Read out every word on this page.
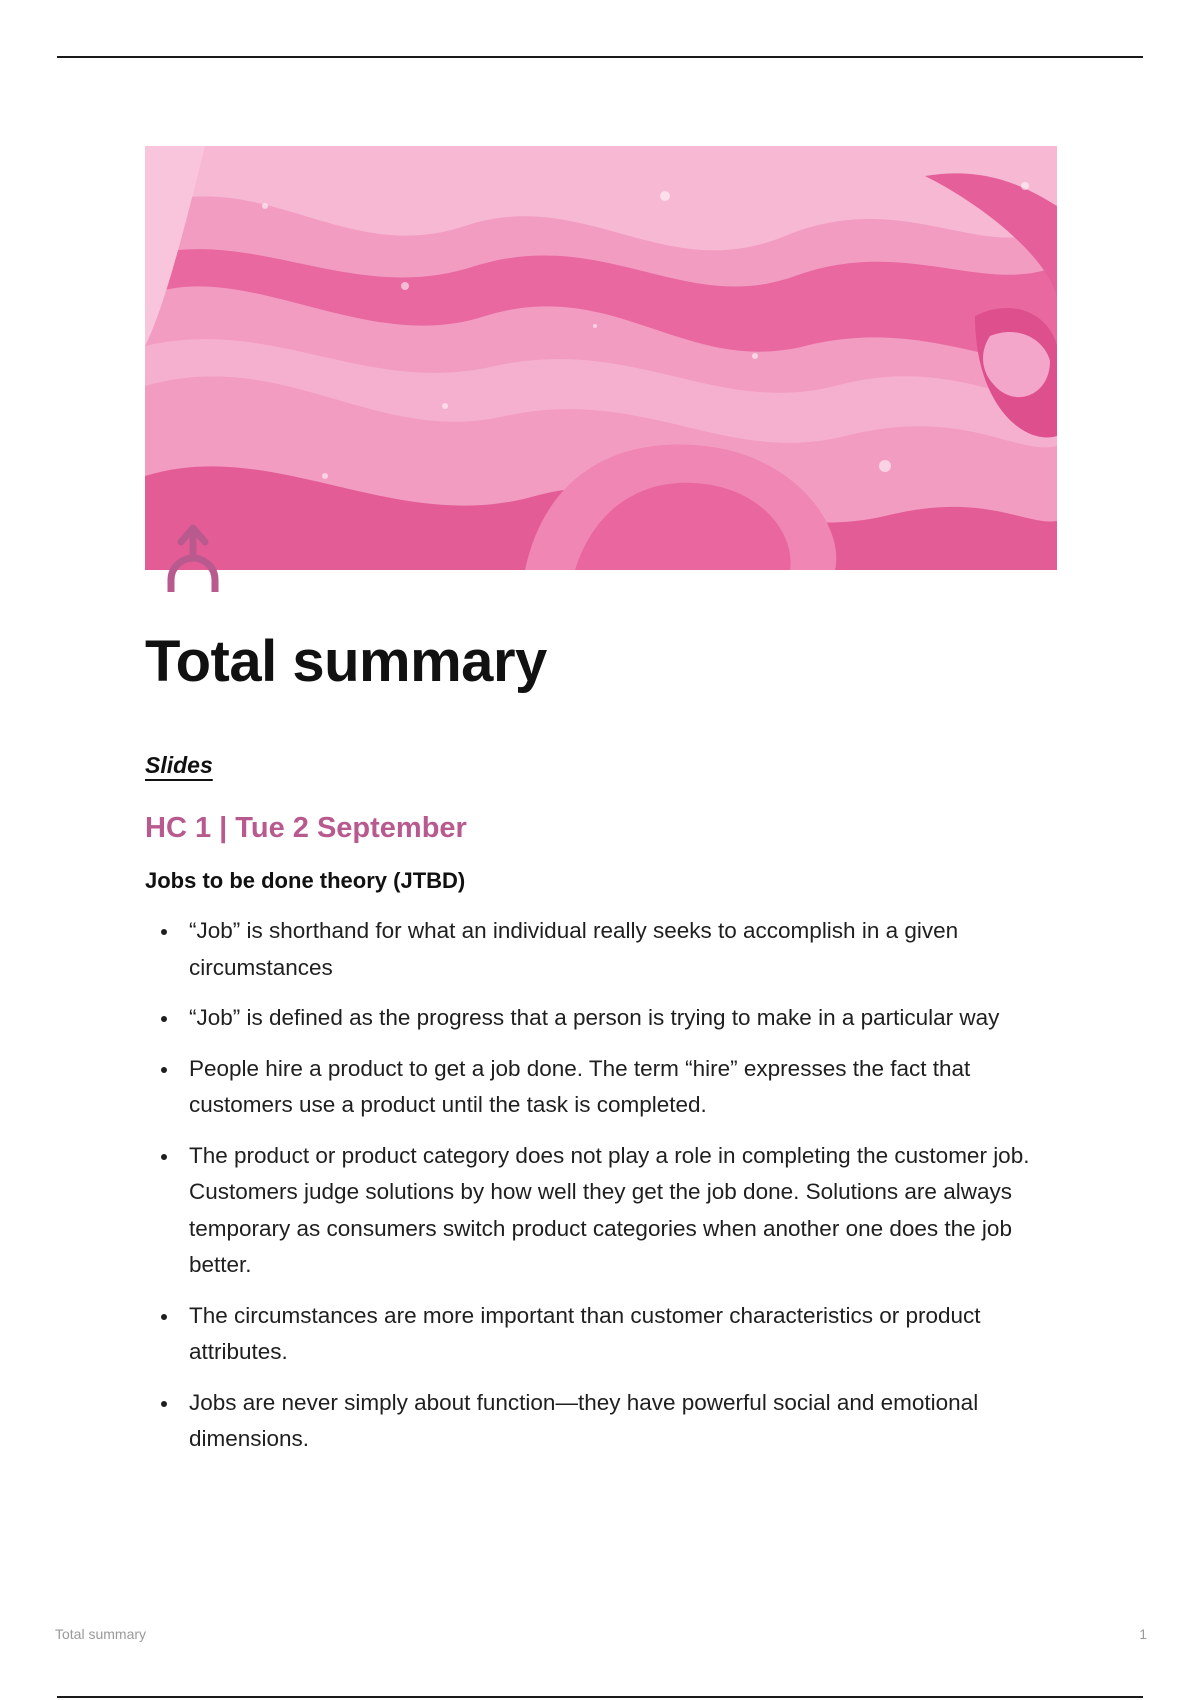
Total summary
Slides
HC 1 | Tue 2 September
Jobs to be done theory (JTBD)
“Job” is shorthand for what an individual really seeks to accomplish in a given circumstances
“Job” is defined as the progress that a person is trying to make in a particular way
People hire a product to get a job done. The term “hire” expresses the fact that customers use a product until the task is completed.
The product or product category does not play a role in completing the customer job. Customers judge solutions by how well they get the job done. Solutions are always temporary as consumers switch product categories when another one does the job better.
The circumstances are more important than customer characteristics or product attributes.
Jobs are never simply about function—they have powerful social and emotional dimensions.
Total summary	1
